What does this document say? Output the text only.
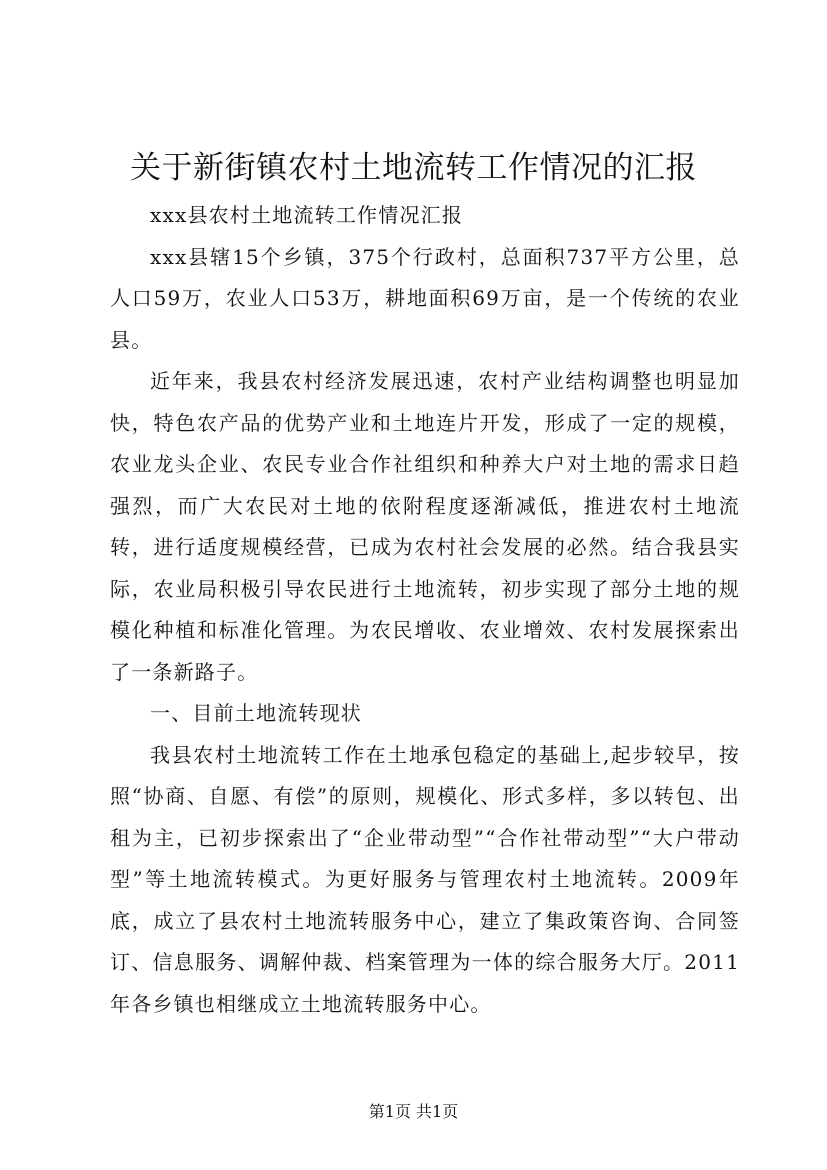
关于新街镇农村土地流转工作情况的汇报

xxx县农村土地流转工作情况汇报

xxx县辖15个乡镇，375个行政村，总面积737平方公里，总人口59万，农业人口53万，耕地面积69万亩，是一个传统的农业县。

近年来，我县农村经济发展迅速，农村产业结构调整也明显加快，特色农产品的优势产业和土地连片开发，形成了一定的规模，农业龙头企业、农民专业合作社组织和种养大户对土地的需求日趋强烈，而广大农民对土地的依附程度逐渐减低，推进农村土地流转，进行适度规模经营，已成为农村社会发展的必然。结合我县实际，农业局积极引导农民进行土地流转，初步实现了部分土地的规模化种植和标准化管理。为农民增收、农业增效、农村发展探索出了一条新路子。

一、目前土地流转现状

我县农村土地流转工作在土地承包稳定的基础上,起步较早，按照“协商、自愿、有偿”的原则，规模化、形式多样，多以转包、出租为主，已初步探索出了“企业带动型”“合作社带动型”“大户带动型”等土地流转模式。为更好服务与管理农村土地流转。2009年底，成立了县农村土地流转服务中心，建立了集政策咨询、合同签订、信息服务、调解仲裁、档案管理为一体的综合服务大厅。2011年各乡镇也相继成立土地流转服务中心。

第1页 共1页
